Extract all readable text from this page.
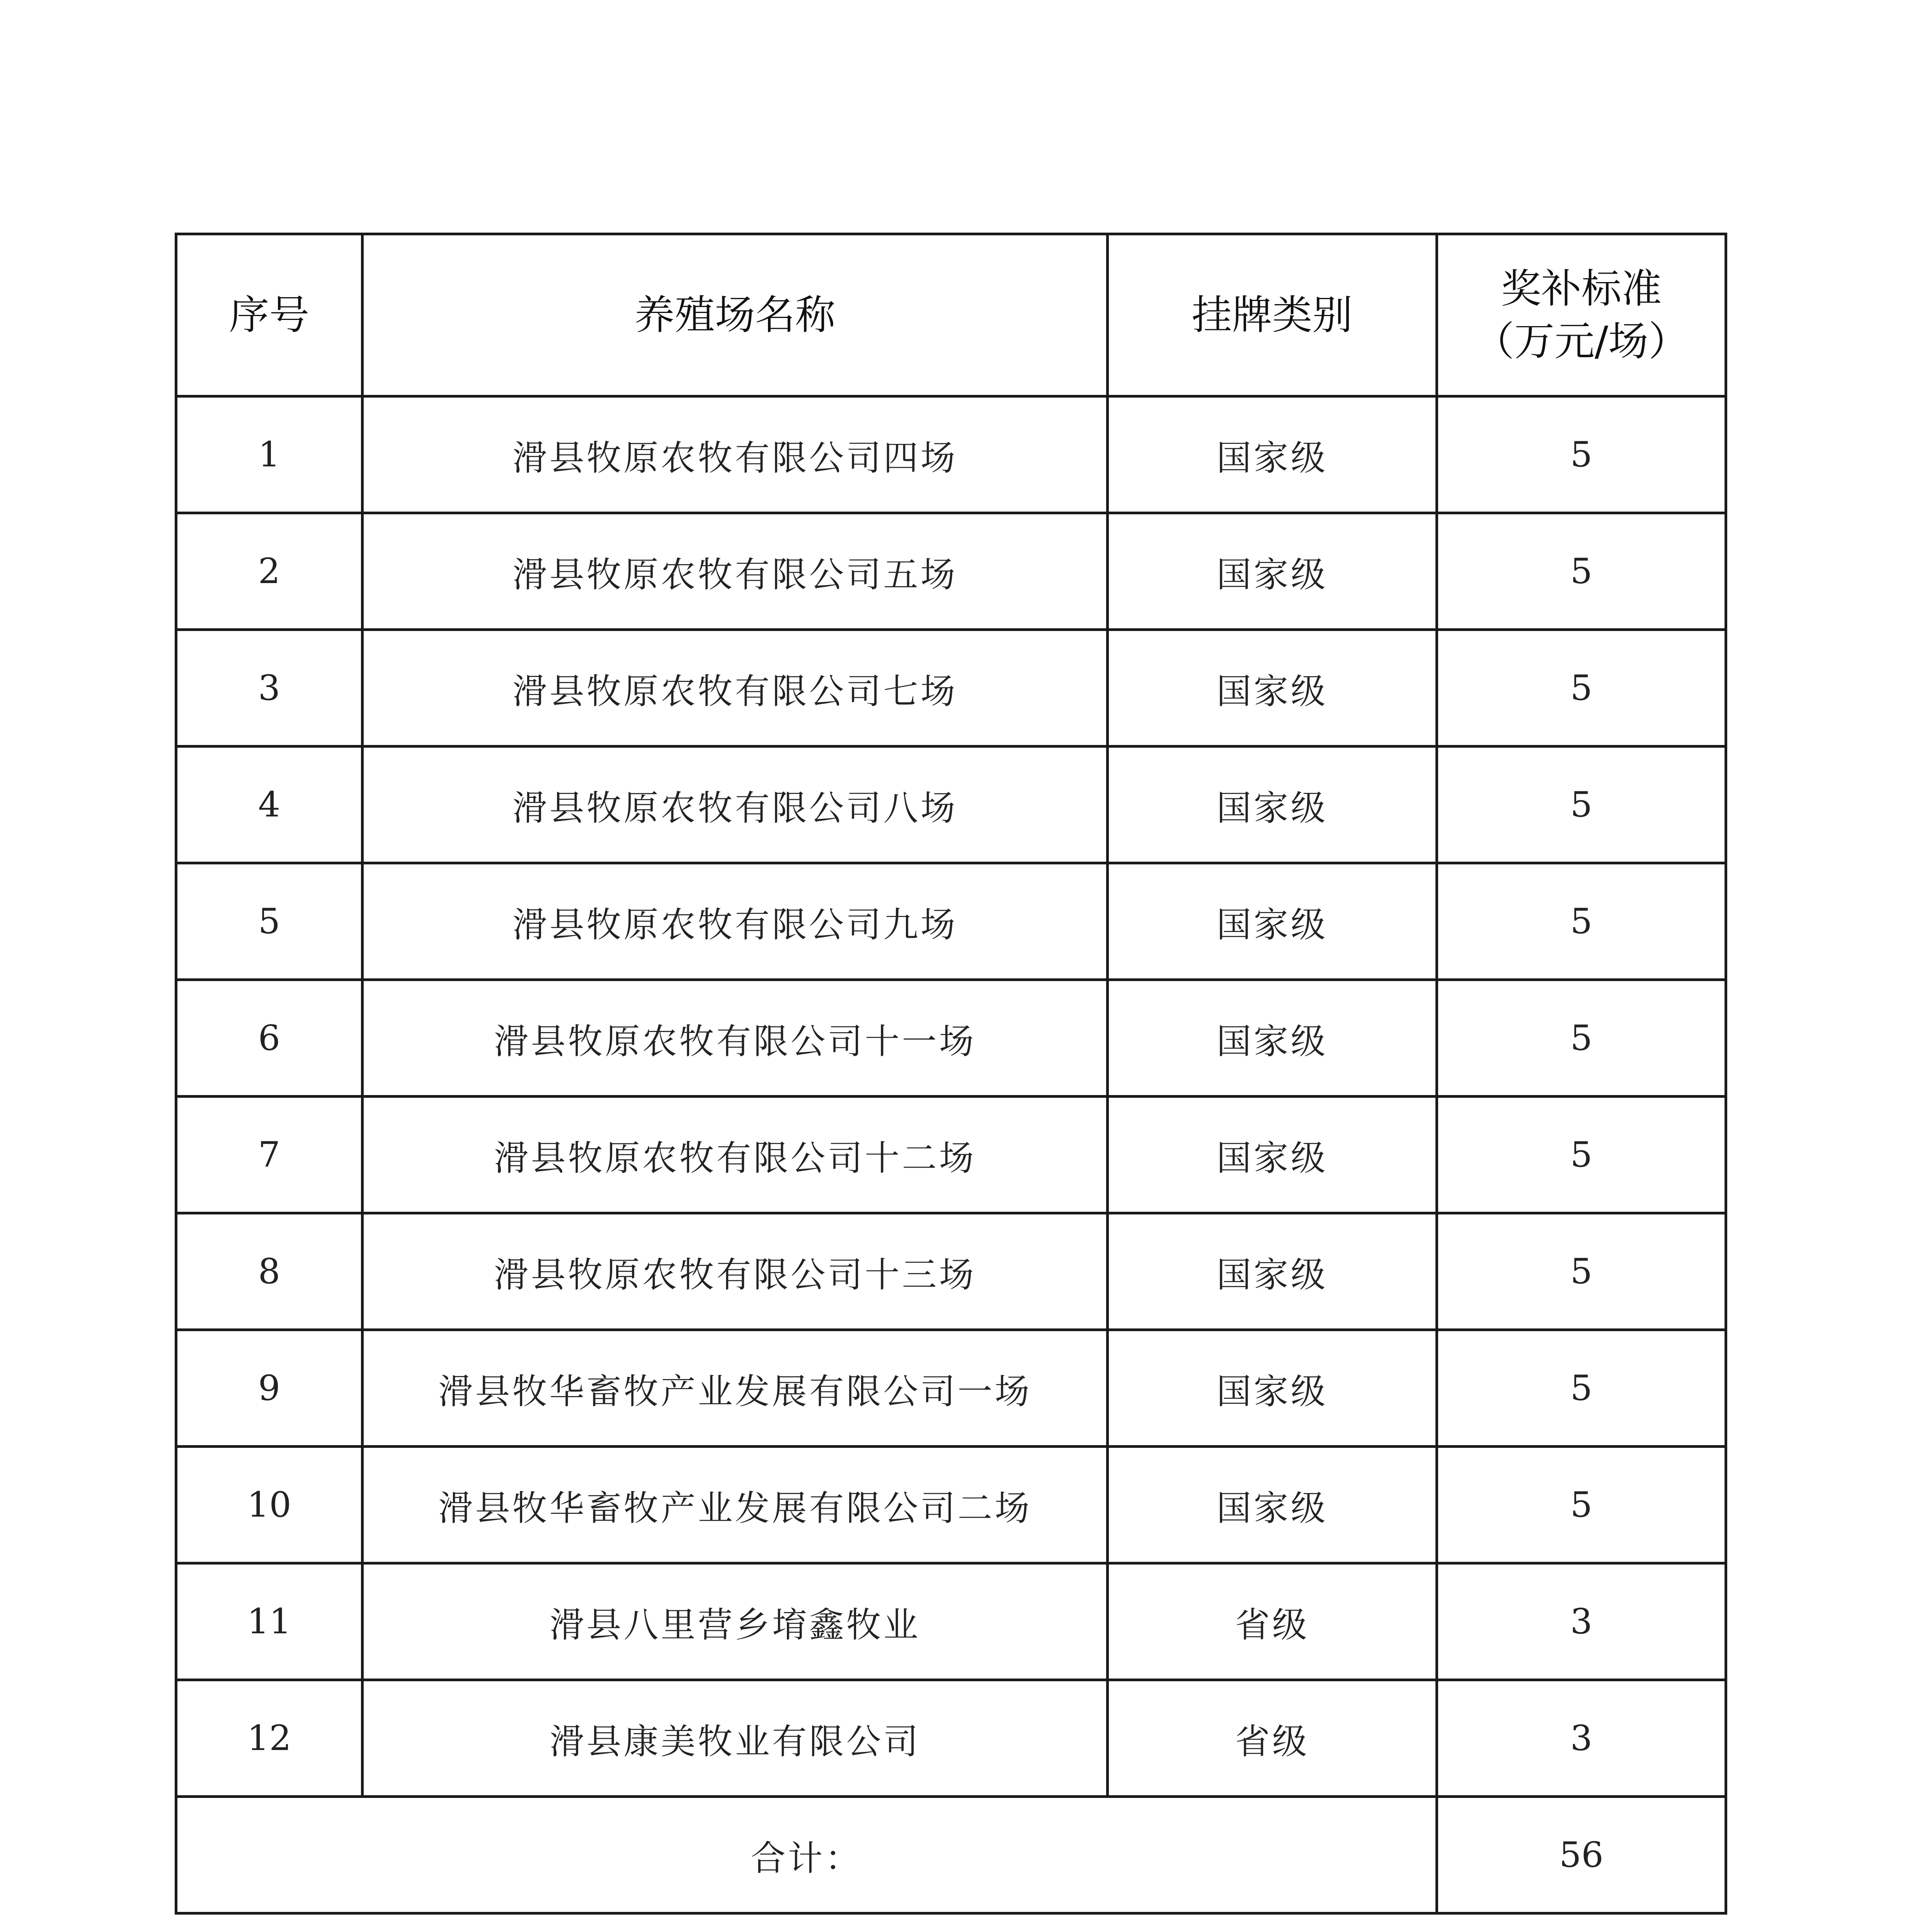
序号	养殖场名称	挂牌类别	奖补标准
（万元/场）

1	滑县牧原农牧有限公司四场	国家级	5
2	滑县牧原农牧有限公司五场	国家级	5
3	滑县牧原农牧有限公司七场	国家级	5
4	滑县牧原农牧有限公司八场	国家级	5
5	滑县牧原农牧有限公司九场	国家级	5
6	滑县牧原农牧有限公司十一场	国家级	5
7	滑县牧原农牧有限公司十二场	国家级	5
8	滑县牧原农牧有限公司十三场	国家级	5
9	滑县牧华畜牧产业发展有限公司一场	国家级	5
10	滑县牧华畜牧产业发展有限公司二场	国家级	5
11	滑县八里营乡堉鑫牧业	省级	3
12	滑县康美牧业有限公司	省级	3
合计：			56
